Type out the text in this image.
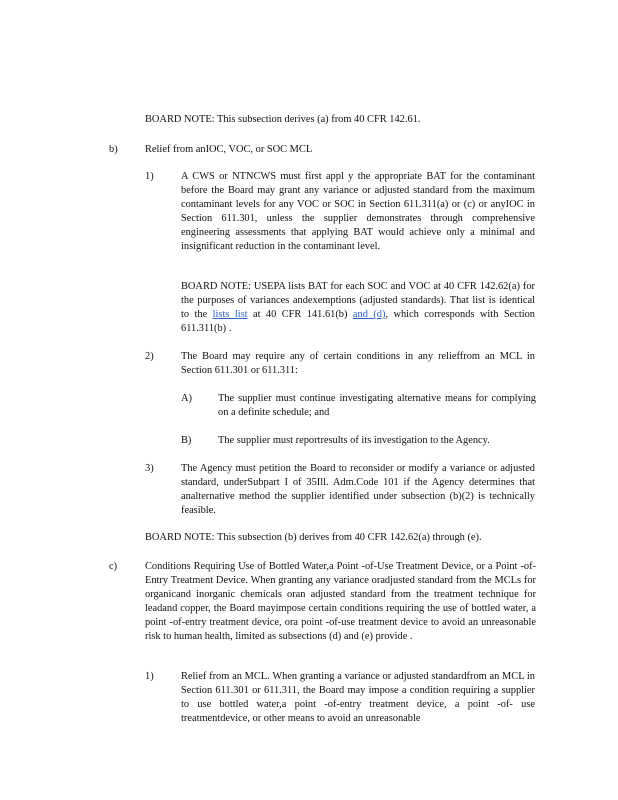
BOARD NOTE: This subsection derives (a) from 40 CFR 142.61.

b)	Relief from anIOC, VOC, or SOC MCL

1)	A CWS or NTNCWS must first appl y the appropriate BAT for the contaminant before the Board may grant any variance or adjusted standard from the maximum contaminant levels for any VOC or SOC in Section 611.311(a) or (c) or anyIOC in Section 611.301, unless the supplier demonstrates through comprehensive engineering assessments that applying BAT would achieve only a minimal and insignificant reduction in the contaminant level.

BOARD NOTE: USEPA lists BAT for each SOC and VOC at 40 CFR 142.62(a) for the purposes of variances andexemptions (adjusted standards). That list is identical to the lists list at 40 CFR 141.61(b) and (d), which corresponds with Section 611.311(b) .

2)	The Board may require any of certain conditions in any relieffrom an MCL in Section 611.301 or 611.311:

A)	The supplier must continue investigating alternative means for complying on a definite schedule; and

B)	The supplier must reportresults of its investigation to the Agency.

3)	The Agency must petition the Board to reconsider or modify a variance or adjusted standard, underSubpart I of 35Ill. Adm.Code 101 if the Agency determines that analternative method the supplier identified under subsection (b)(2) is technically feasible.

BOARD NOTE: This subsection (b) derives from 40 CFR 142.62(a) through (e).

c)	Conditions Requiring Use of Bottled Water,a Point -of-Use Treatment Device, or a Point -of-Entry Treatment Device. When granting any variance oradjusted standard from the MCLs for organicand inorganic chemicals oran adjusted standard from the treatment technique for leadand copper, the Board mayimpose certain conditions requiring the use of bottled water, a point -of-entry treatment device, ora point -of-use treatment device to avoid an unreasonable risk to human health, limited as subsections (d) and (e) provide .

1)	Relief from an MCL. When granting a variance or adjusted standardfrom an MCL in Section 611.301 or 611.311, the Board may impose a condition requiring a supplier to use bottled water,a point -of-entry treatment device, a point -of- use treatmentdevice, or other means to avoid an unreasonable
